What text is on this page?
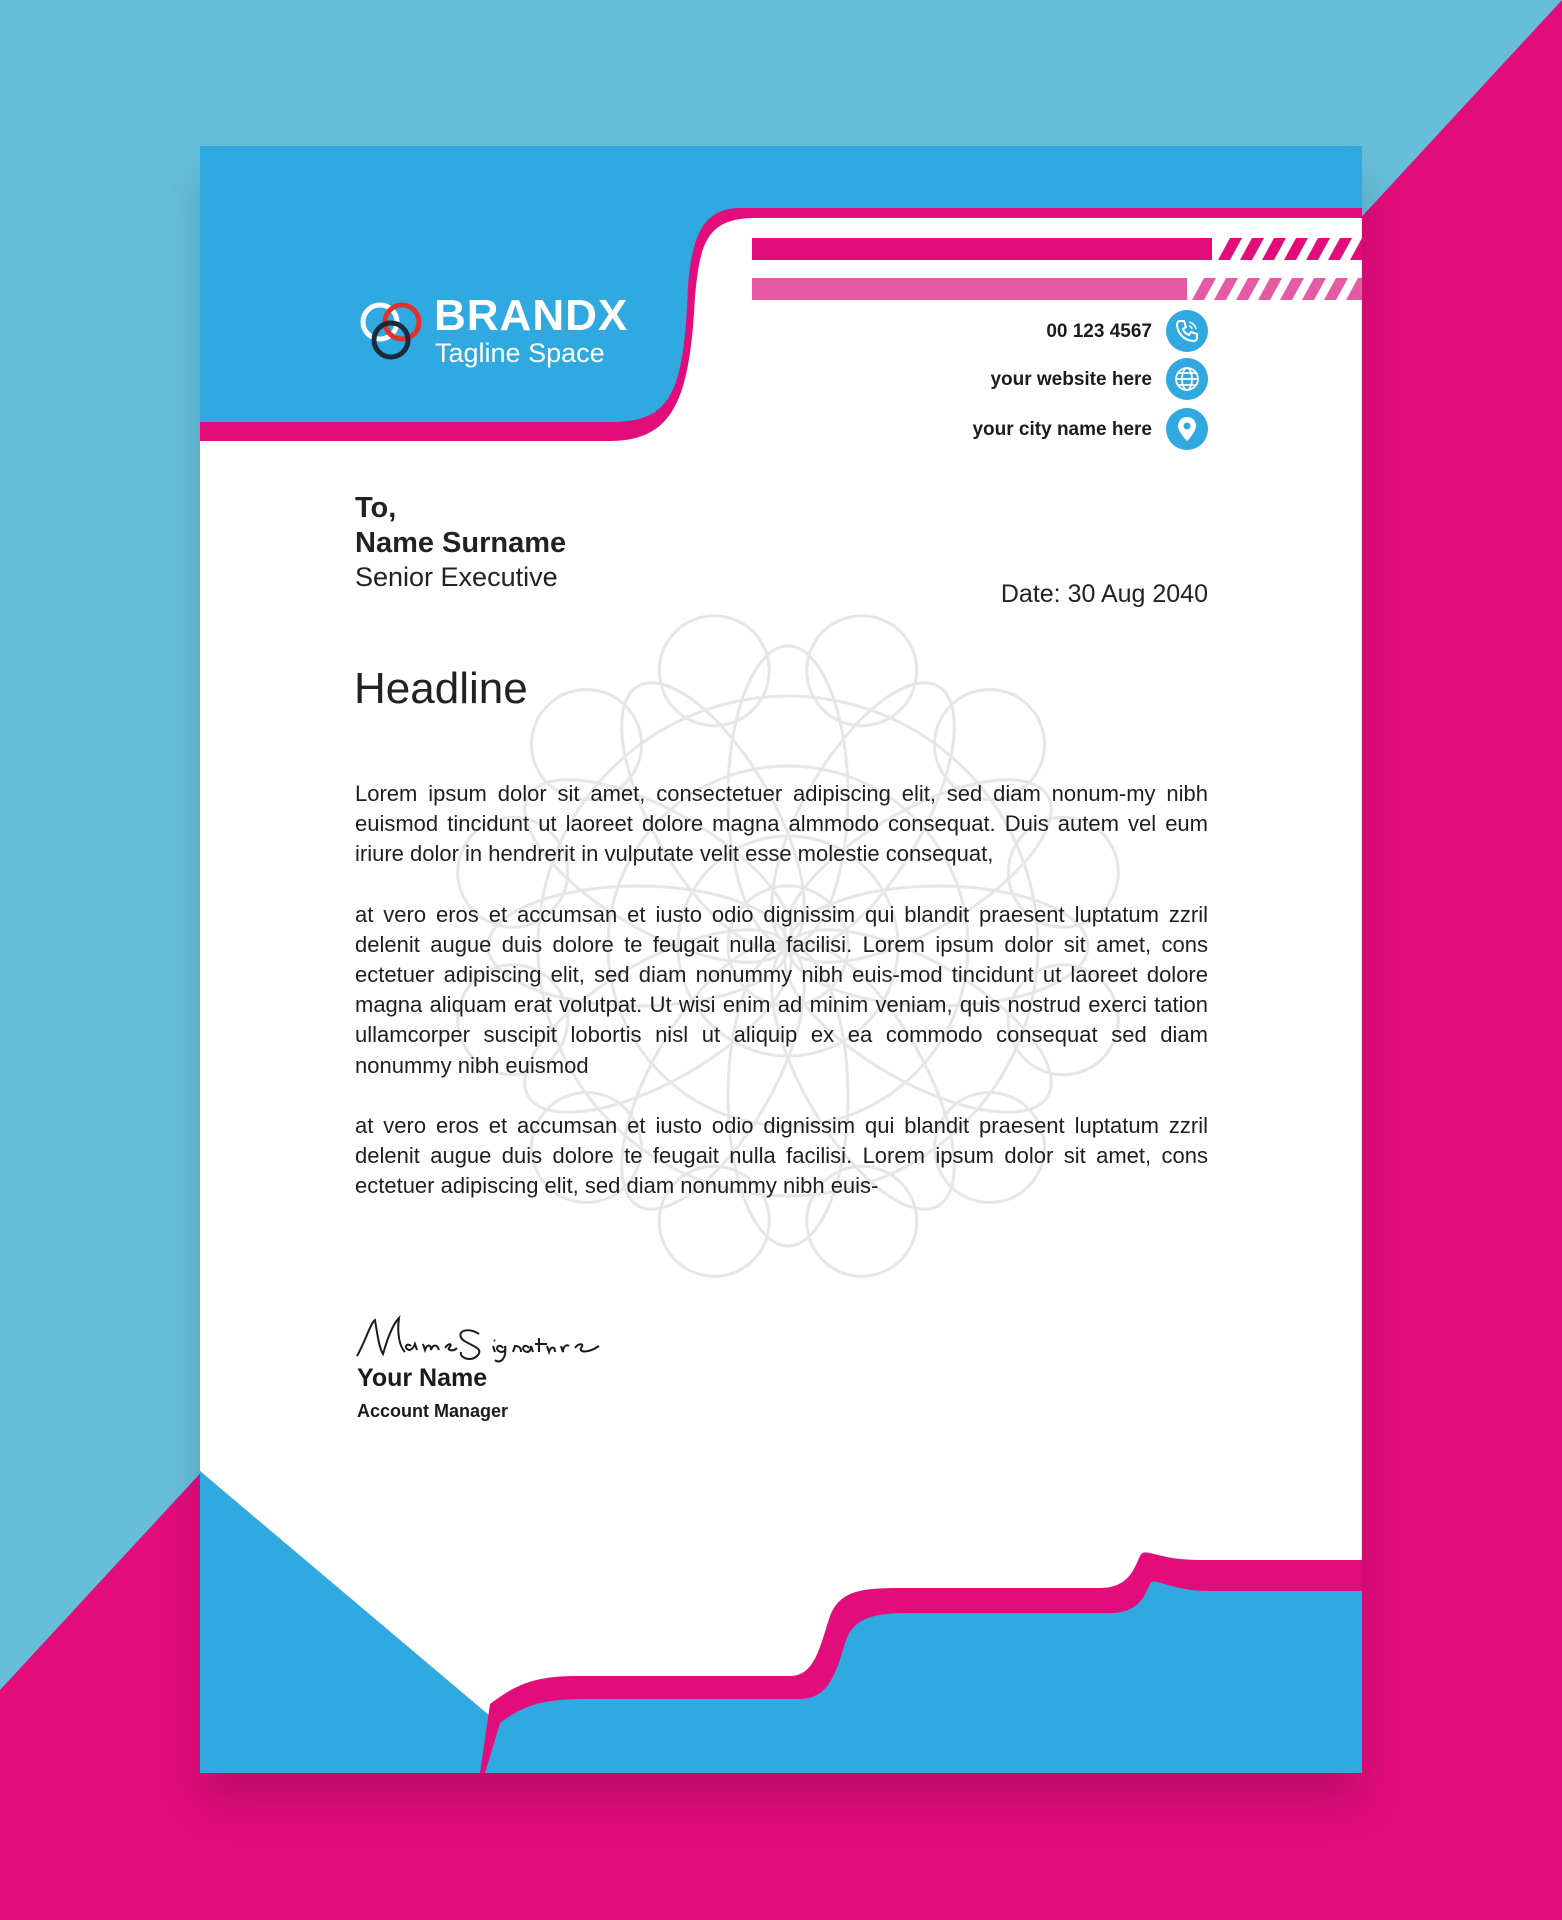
BRANDX
Tagline Space
00 123 4567
your website here
your city name here
To,
Name Surname
Senior Executive
Date: 30 Aug 2040
Headline

Lorem ipsum dolor sit amet, consectetuer adipiscing elit, sed diam nonum-my nibh euismod tincidunt ut laoreet dolore magna almmodo consequat. Duis autem vel eum iriure dolor in hendrerit in vulputate velit esse molestie consequat,

at vero eros et accumsan et iusto odio dignissim qui blandit praesent luptatum zzril delenit augue duis dolore te feugait nulla facilisi. Lorem ipsum dolor sit amet, cons ectetuer adipiscing elit, sed diam nonummy nibh euis-mod tincidunt ut laoreet dolore magna aliquam erat volutpat. Ut wisi enim ad minim veniam, quis nostrud exerci tation ullamcorper suscipit lobortis nisl ut aliquip ex ea commodo consequat sed diam nonummy nibh euismod

at vero eros et accumsan et iusto odio dignissim qui blandit praesent luptatum zzril delenit augue duis dolore te feugait nulla facilisi. Lorem ipsum dolor sit amet, cons ectetuer adipiscing elit, sed diam nonummy nibh euis-

Your Name
Account Manager
